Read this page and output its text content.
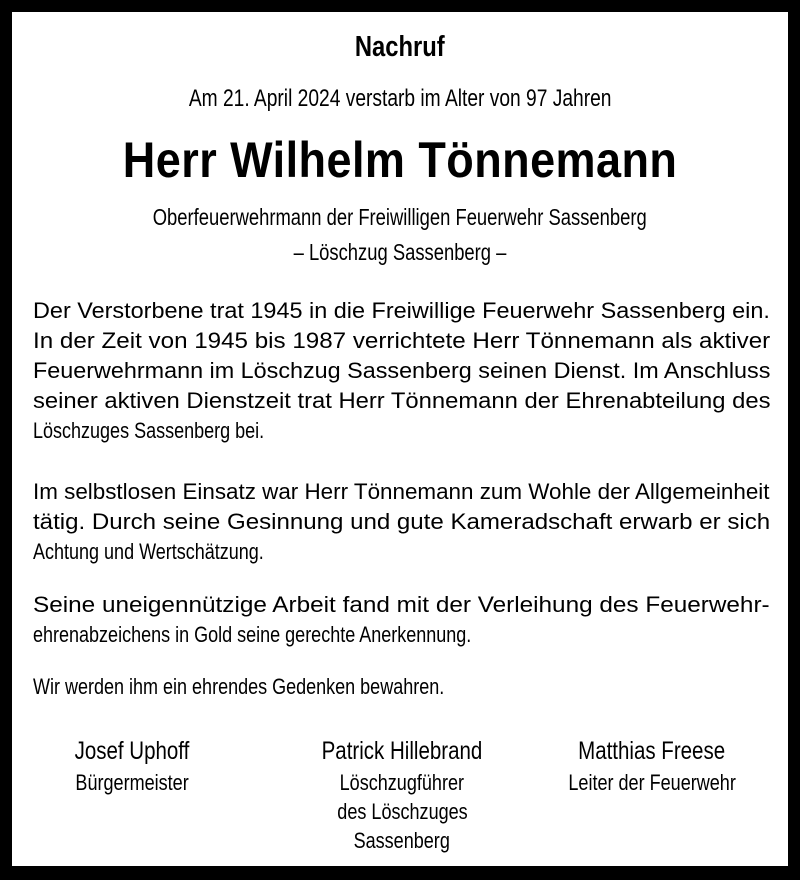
Nachruf
Am 21. April 2024 verstarb im Alter von 97 Jahren
Herr Wilhelm Tönnemann
Oberfeuerwehrmann der Freiwilligen Feuerwehr Sassenberg
– Löschzug Sassenberg –
Der Verstorbene trat 1945 in die Freiwillige Feuerwehr Sassenberg ein.
In der Zeit von 1945 bis 1987 verrichtete Herr Tönnemann als aktiver
Feuerwehrmann im Löschzug Sassenberg seinen Dienst. Im Anschluss
seiner aktiven Dienstzeit trat Herr Tönnemann der Ehrenabteilung des
Löschzuges Sassenberg bei.
Im selbstlosen Einsatz war Herr Tönnemann zum Wohle der Allgemeinheit
tätig. Durch seine Gesinnung und gute Kameradschaft erwarb er sich
Achtung und Wertschätzung.
Seine uneigennützige Arbeit fand mit der Verleihung des Feuerwehr-
ehrenabzeichens in Gold seine gerechte Anerkennung.
Wir werden ihm ein ehrendes Gedenken bewahren.
Josef Uphoff
Bürgermeister
Patrick Hillebrand
Löschzugführer
des Löschzuges
Sassenberg
Matthias Freese
Leiter der Feuerwehr
